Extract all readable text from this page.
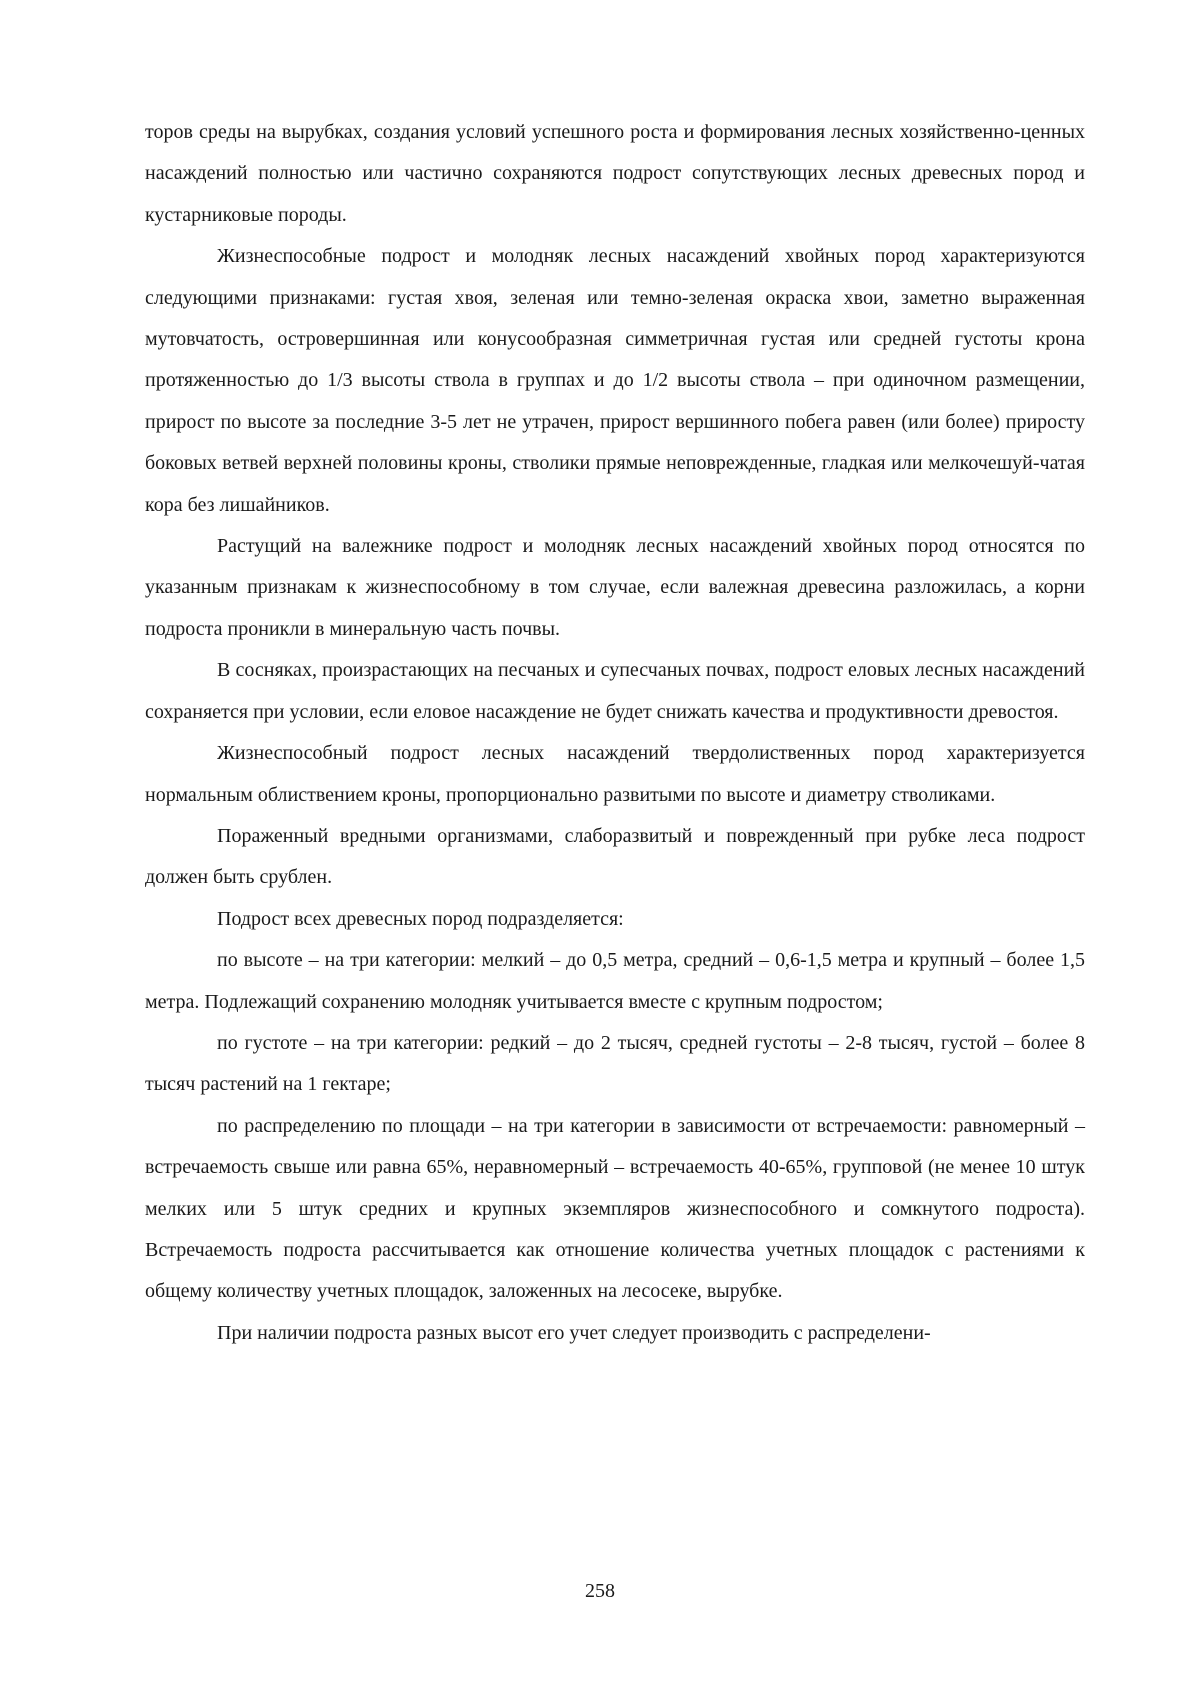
торов среды на вырубках, создания условий успешного роста и формирования лесных хозяйственно-ценных насаждений полностью или частично сохраняются подрост сопутствующих лесных древесных пород и кустарниковые породы.

Жизнеспособные подрост и молодняк лесных насаждений хвойных пород характеризуются следующими признаками: густая хвоя, зеленая или темно-зеленая окраска хвои, заметно выраженная мутовчатость, островершинная или конусообразная симметричная густая или средней густоты крона протяженностью до 1/3 высоты ствола в группах и до 1/2 высоты ствола – при одиночном размещении, прирост по высоте за последние 3-5 лет не утрачен, прирост вершинного побега равен (или более) приросту боковых ветвей верхней половины кроны, стволики прямые неповрежденные, гладкая или мелкочешуй-чатая кора без лишайников.

Растущий на валежнике подрост и молодняк лесных насаждений хвойных пород относятся по указанным признакам к жизнеспособному в том случае, если валежная древесина разложилась, а корни подроста проникли в минеральную часть почвы.

В сосняках, произрастающих на песчаных и супесчаных почвах, подрост еловых лесных насаждений сохраняется при условии, если еловое насаждение не будет снижать качества и продуктивности древостоя.

Жизнеспособный подрост лесных насаждений твердолиственных пород характеризуется нормальным облиствением кроны, пропорционально развитыми по высоте и диаметру стволиками.

Пораженный вредными организмами, слаборазвитый и поврежденный при рубке леса подрост должен быть срублен.

Подрост всех древесных пород подразделяется:

по высоте – на три категории: мелкий – до 0,5 метра, средний – 0,6-1,5 метра и крупный – более 1,5 метра. Подлежащий сохранению молодняк учитывается вместе с крупным подростом;

по густоте – на три категории: редкий – до 2 тысяч, средней густоты – 2-8 тысяч, густой – более 8 тысяч растений на 1 гектаре;

по распределению по площади – на три категории в зависимости от встречаемости: равномерный – встречаемость свыше или равна 65%, неравномерный – встречаемость 40-65%, групповой (не менее 10 штук мелких или 5 штук средних и крупных экземпляров жизнеспособного и сомкнутого подроста). Встречаемость подроста рассчитывается как отношение количества учетных площадок с растениями к общему количеству учетных площадок, заложенных на лесосеке, вырубке.

При наличии подроста разных высот его учет следует производить с распределени-

258
